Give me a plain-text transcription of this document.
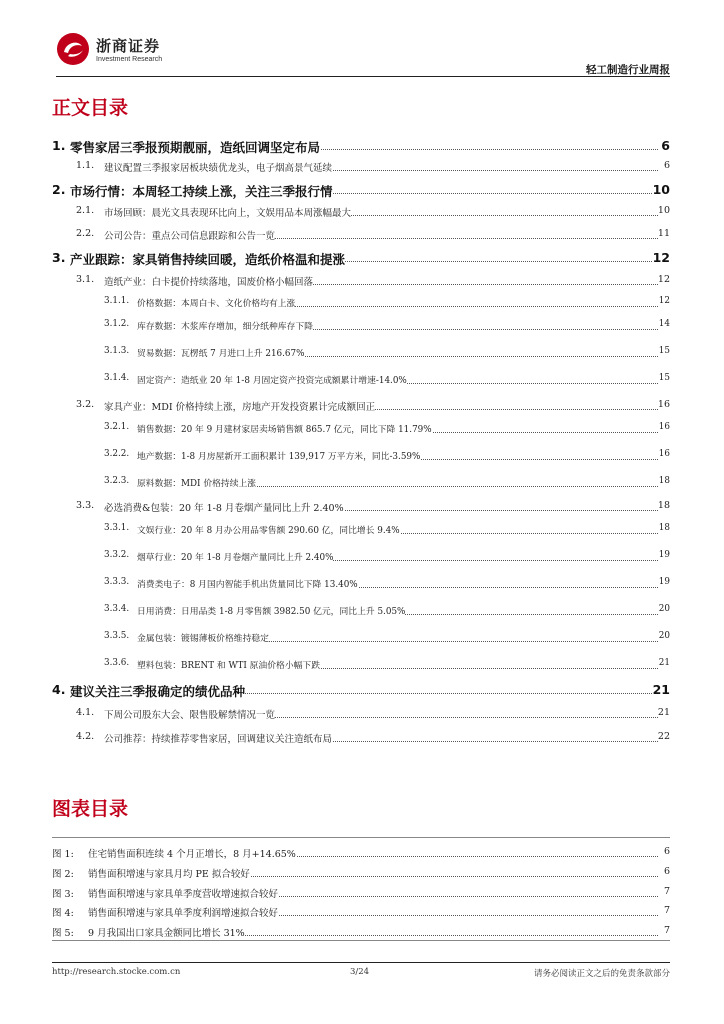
浙商证券
Investment Research
轻工制造行业周报
正文目录
1. 零售家居三季报预期靓丽，造纸回调坚定布局	6
1.1. 建议配置三季报家居板块绩优龙头，电子烟高景气延续	6
2. 市场行情：本周轻工持续上涨，关注三季报行情	10
2.1. 市场回顾：晨光文具表现环比向上，文娱用品本周涨幅最大	10
2.2. 公司公告：重点公司信息跟踪和公告一览	11
3. 产业跟踪：家具销售持续回暖，造纸价格温和提涨	12
3.1. 造纸产业：白卡提价持续落地，国废价格小幅回落	12
3.1.1. 价格数据：本周白卡、文化价格均有上涨	12
3.1.2. 库存数据：木浆库存增加，细分纸种库存下降	14
3.1.3. 贸易数据：瓦楞纸 7 月进口上升 216.67%	15
3.1.4. 固定资产：造纸业 20 年 1-8 月固定资产投资完成额累计增速-14.0%	15
3.2. 家具产业：MDI 价格持续上涨，房地产开发投资累计完成额回正	16
3.2.1. 销售数据：20 年 9 月建材家居卖场销售额 865.7 亿元，同比下降 11.79%	16
3.2.2. 地产数据：1-8 月房屋新开工面积累计 139,917 万平方米，同比-3.59%	16
3.2.3. 原料数据：MDI 价格持续上涨	18
3.3. 必选消费&包装：20 年 1-8 月卷烟产量同比上升 2.40%	18
3.3.1. 文娱行业：20 年 8 月办公用品零售额 290.60 亿，同比增长 9.4%	18
3.3.2. 烟草行业：20 年 1-8 月卷烟产量同比上升 2.40%	19
3.3.3. 消费类电子：8 月国内智能手机出货量同比下降 13.40%	19
3.3.4. 日用消费：日用品类 1-8 月零售额 3982.50 亿元，同比上升 5.05%	20
3.3.5. 金属包装：镀锡薄板价格维持稳定	20
3.3.6. 塑料包装：BRENT 和 WTI 原油价格小幅下跌	21
4. 建议关注三季报确定的绩优品种	21
4.1. 下周公司股东大会、限售股解禁情况一览	21
4.2. 公司推荐：持续推荐零售家居，回调建议关注造纸布局	22
图表目录
图 1: 住宅销售面积连续 4 个月正增长，8 月+14.65%	6
图 2: 销售面积增速与家具月均 PE 拟合较好	6
图 3: 销售面积增速与家具单季度营收增速拟合较好	7
图 4: 销售面积增速与家具单季度利润增速拟合较好	7
图 5: 9 月我国出口家具金额同比增长 31%	7
http://research.stocke.com.cn	3/24	请务必阅读正文之后的免责条款部分
